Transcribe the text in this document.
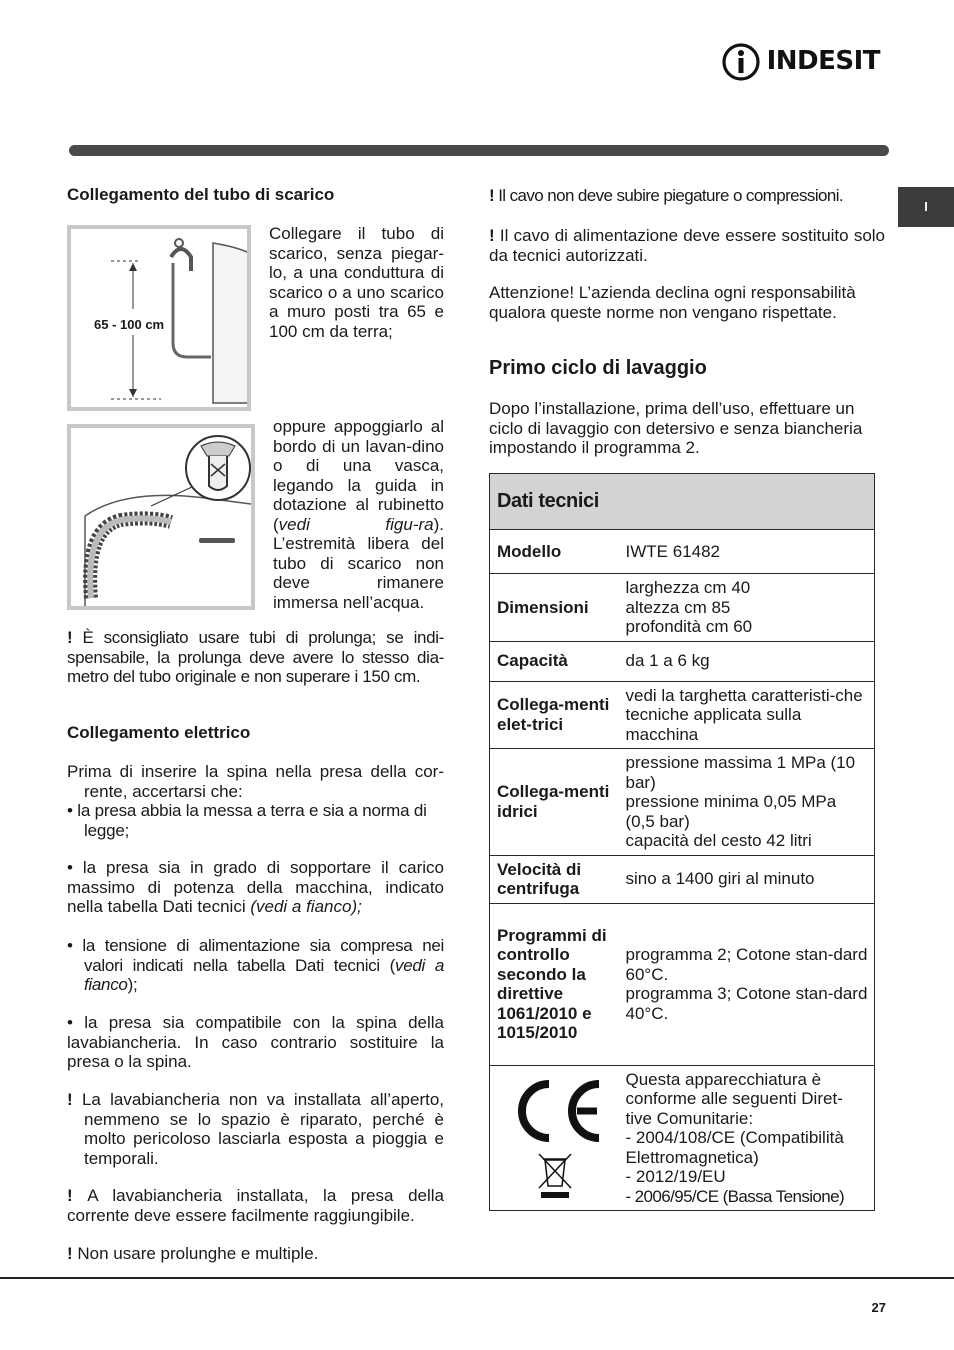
INDESIT
I
Collegamento del tubo di scarico
65 - 100 cm

Collegare il tubo di scarico, senza piegar-lo, a una conduttura di scarico o a uno scarico a muro posti tra 65 e 100 cm da terra;

oppure appoggiarlo al bordo di un lavan-dino o di una vasca, legando la guida in dotazione al rubinetto (vedi figu-ra). L’estremità libera del tubo di scarico non deve rimanere immersa nell’acqua.

! È sconsigliato usare tubi di prolunga; se indi-spensabile, la prolunga deve avere lo stesso dia-metro del tubo originale e non superare i 150 cm.

Collegamento elettrico

Prima di inserire la spina nella presa della cor-rente, accertarsi che:

• la presa abbia la messa a terra e sia a norma di legge;

• la presa sia in grado di sopportare il carico massimo di potenza della macchina, indicato nella tabella Dati tecnici (vedi a fianco);

• la tensione di alimentazione sia compresa nei valori indicati nella tabella Dati tecnici (vedi a fianco);

• la presa sia compatibile con la spina della lavabiancheria. In caso contrario sostituire la presa o la spina.

! La lavabiancheria non va installata all’aperto, nemmeno se lo spazio è riparato, perché è molto pericoloso lasciarla esposta a pioggia e temporali.

! A lavabiancheria installata, la presa della corrente deve essere facilmente raggiungibile.

! Non usare prolunghe e multiple.

! Il cavo non deve subire piegature o compressioni.

! Il cavo di alimentazione deve essere sostituito solo da tecnici autorizzati.

Attenzione! L’azienda declina ogni responsabilità qualora queste norme non vengano rispettate.

Primo ciclo di lavaggio

Dopo l’installazione, prima dell’uso, effettuare un ciclo di lavaggio con detersivo e senza biancheria impostando il programma 2.

Dati tecnici	
Modello	IWTE 61482

Dimensioni	larghezza cm 40
altezza cm 85
profondità cm 60

Capacità	da 1 a 6 kg

Collega-menti elet-trici	vedi la targhetta caratteristi-che tecniche applicata sulla macchina

Collega-menti idrici	pressione massima 1 MPa (10 bar)
pressione minima 0,05 MPa (0,5 bar)
capacità del cesto 42 litri

Velocità di centrifuga	sino a 1400 giri al minuto

Programmi di controllo secondo la direttive 1061/2010 e 1015/2010	programma 2; Cotone stan-dard 60°C.
programma 3; Cotone stan-dard 40°C.

Questa apparecchiatura è conforme alle seguenti Diret-tive Comunitarie:
- 2004/108/CE (Compatibilità Elettromagnetica)
- 2012/19/EU
- 2006/95/CE (Bassa Tensione)
27
